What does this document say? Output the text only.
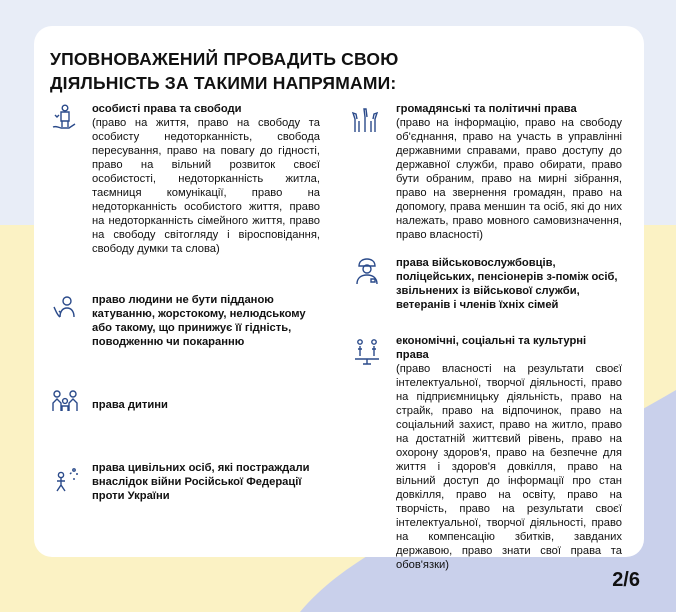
УПОВНОВАЖЕНИЙ ПРОВАДИТЬ СВОЮ
ДІЯЛЬНІСТЬ ЗА ТАКИМИ НАПРЯМАМИ:
особисті права та свободи
(право на життя, право на свободу та особисту недоторканність, свобода пересування, право на повагу до гідності, право на вільний розвиток своєї особистості, недоторканність житла, таємниця комунікації, право на недоторканність особистого життя, право на недоторканність сімейного життя, право на свободу світогляду і віросповідання, свободу думки та слова)
право людини не бути підданою катуванню, жорстокому, нелюдському або такому, що принижує її гідність, поводженню чи покаранню
права дитини
права цивільних осіб, які постраждали внаслідок війни Російської Федерації проти України
громадянські та політичні права
(право на інформацію, право на свободу об'єднання, право на участь в управлінні державними справами, право доступу до державної служби, право обирати, право бути обраним, право на мирні зібрання, право на звернення громадян, право на допомогу, права меншин та осіб, які до них належать, право мовного самовизначення, право власності)
права військовослужбовців, поліцейських, пенсіонерів з-поміж осіб, звільнених із військової служби, ветеранів і членів їхніх сімей
економічні, соціальні та культурні права
(право власності на результати своєї інтелектуальної, творчої діяльності, право на підприємницьку діяльність, право на страйк, право на відпочинок, право на соціальний захист, право на житло, право на достатній життєвий рівень, право на охорону здоров'я, право на безпечне для життя і здоров'я довкілля, право на вільний доступ до інформації про стан довкілля, право на освіту, право на творчість, право на результати своєї інтелектуальної, творчої діяльності, право на компенсацію збитків, завданих державою, право знати свої права та обов'язки)
2/6
